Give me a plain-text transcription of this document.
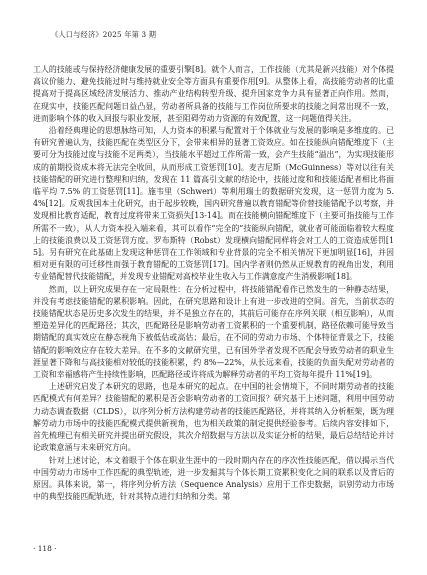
《人口与经济》2025 年第 3 期

工人的技能或与保持经济健康发展的重要引擎[8]。就个人而言，工作技能（尤其是新兴技能）对个体提高议价能力、避免技能过时与维持就业安全等方面具有重要作用[9]。从整体上看，高技能劳动者的比重提高对于提高区域经济发展活力、推动产业结构转型升级、提升国家竞争力具有显著正向作用。然而，在现实中，技能匹配问题日益凸显，劳动者所具备的技能与工作岗位所要求的技能之间常出现不一致，进而影响个体的收入回报与职业发展，甚至阻碍劳动力资源的有效配置，这一问题值得关注。

沿着经典理论的思想脉络可知，人力资本的积累与配置对于个体就业与发展的影响是多维度的。已有研究普遍认为，技能匹配在类型区分下，会带来相异的显著工资效应。如在技能纵向错配维度下（主要可分为技能过度与技能不足两类），当技能水平超过工作所需一致，会产生技能“溢出”，为实现技能形成的前期投资成本将无法完全收回，从而形成工资惩罚[10]。麦吉尼斯（McGuinness）等对以往有关技能错配的研究进行整理和归纳，发现在 11 篇高引文献的结论中，技能过度和和技能适配者相比将面临平均 7.5% 的工资惩罚[11]。施韦里（Schweri）等利用瑞士的数据研究发现，这一惩罚力度为 5.4%[12]。反观我国本土化研究，由于起步较晚，国内研究普遍以教育错配等价替技能错配予以考察，并发现相比教育适配，教育过度将带来工资损失[13-14]。而在技能横向错配维度下（主要可指技能与工作所需不一致），从人力资本投入端来看，其可以看作“完全的”技能纵向错配，就业者可能面临着较大程度上的技能浪费以及工资惩罚方度。罗布斯特（Robst）发现横向错配同样将会对工人的工资造成惩罚[15]。另有研究在此基础上发现这种惩罚在工作领域和专业背景的完全不相关情况下更加明显[16]，并因相对更有限的可迁移性而强于教育错配的工资惩罚[17]。国内学者则仍然从正规教育的视角出发，利用专业错配替代技能错配，并发现专业错配对高校毕业生收入与工作满意度产生消极影响[18]。

然而，以上研究成果存在一定局限性：在分析过程中，将技能错配看作已然发生的一种静态结果，并没有考虑技能错配的累积影响。因此，在研究思路和设计上有进一步改进的空间。首先，当前状态的技能错配状态是历史多次发生的结果，并不是独立存在的，其前后可能存在序列关联（相互影响），从而塑造差异化的匹配路径；其次，匹配路径是影响劳动者工资累积的一个重要机制，路径依赖可能导致当期错配的真实效应在静态视角下被低估或高估；最后，在不同的劳动力市场、个体特征背景之下，技能错配的影响效应存在较大差异。在不多的文献研究里，已有国外学者发现不匹配会导致劳动者的职业生涯显著下降和与高技能相对较低的技能积累，约 8%—22%，从长远来看，技能的负面失配对劳动者的工资和幸福感将产生持续性影响，匹配路径或许将成为解释劳动者的平均工资每年提升 11%[19]。

上述研究启发了本研究的思路，也是本研究的起点。在中国的社会情境下，不同时期劳动者的技能匹配模式有何差异？技能错配的累积是否会影响劳动者的工资回报？研究基于上述问题，利用中国劳动力动态调查数据（CLDS），以序列分析方法构建劳动者的技能匹配路径，并将其纳入分析框架，既为理解劳动力市场中的技能匹配模式提供新视角，也为相关政策的制定提供经验参考。后续内容安排如下，首先梳理已有相关研究并提出研究假设，其次介绍数据与方法以及实证分析的结果，最后总结结论并讨论政策意涵与未来研究方向。

针对上述讨论，本文着眼于个体在职业生涯中的一段时期内存在的序次性技能匹配，借以揭示当代中国劳动力市场中工作匹配的典型轨迹，进一步发掘其与个体长期工资累积变化之间的联系以及背后的原因。具体来说，第一，将序列分析方法（Sequence Analysis）应用于工作史数据，识别劳动力市场中的典型技能匹配轨迹，针对其特点进行归纳和分类。第

· 118 ·
